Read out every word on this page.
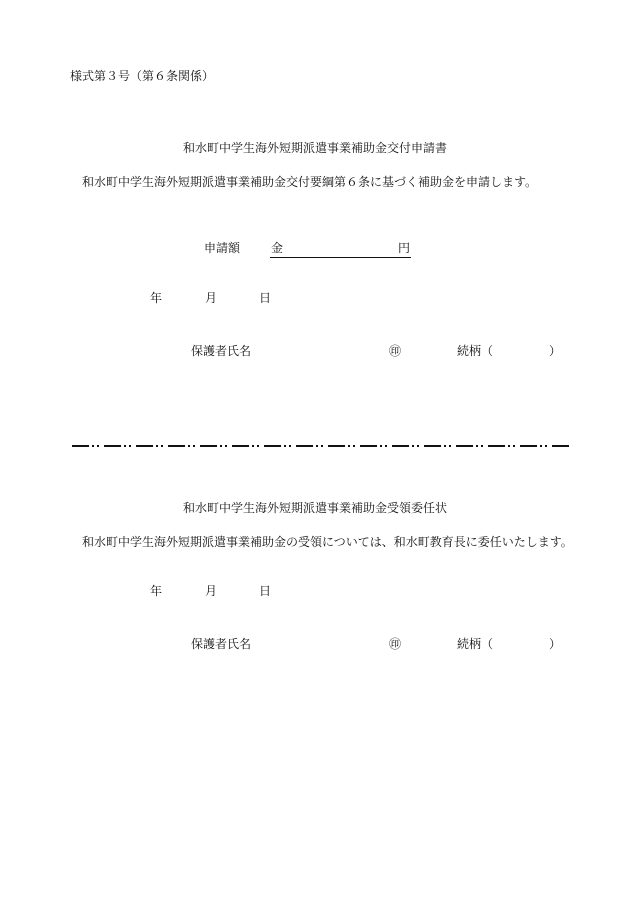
様式第３号（第６条関係）
和水町中学生海外短期派遣事業補助金交付申請書
和水町中学生海外短期派遣事業補助金交付要綱第６条に基づく補助金を申請します。
申請額	金	円
年	月	日
保護者氏名	㊞	続柄（	）
和水町中学生海外短期派遣事業補助金受領委任状
和水町中学生海外短期派遣事業補助金の受領については、和水町教育長に委任いたします。
年	月	日
保護者氏名	㊞	続柄（	）
